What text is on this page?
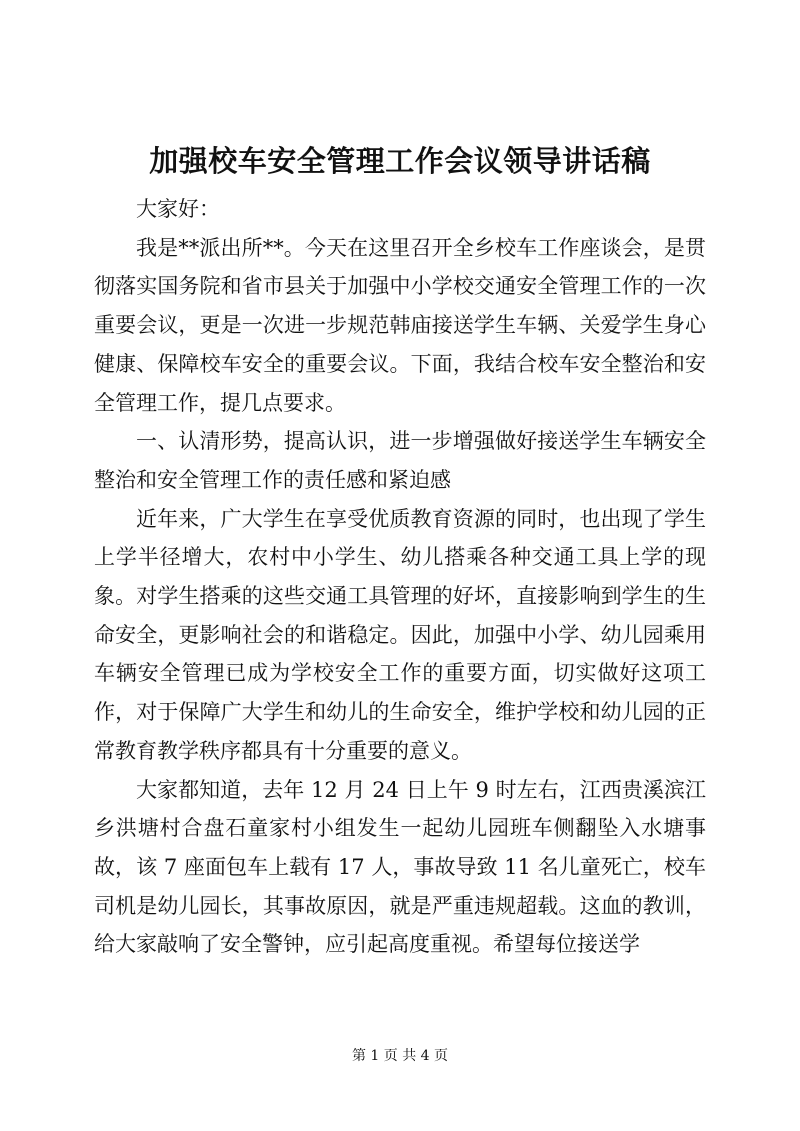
加强校车安全管理工作会议领导讲话稿

大家好：

我是**派出所**。今天在这里召开全乡校车工作座谈会，是贯彻落实国务院和省市县关于加强中小学校交通安全管理工作的一次重要会议，更是一次进一步规范韩庙接送学生车辆、关爱学生身心健康、保障校车安全的重要会议。下面，我结合校车安全整治和安全管理工作，提几点要求。

一、认清形势，提高认识，进一步增强做好接送学生车辆安全整治和安全管理工作的责任感和紧迫感

近年来，广大学生在享受优质教育资源的同时，也出现了学生上学半径增大，农村中小学生、幼儿搭乘各种交通工具上学的现象。对学生搭乘的这些交通工具管理的好坏，直接影响到学生的生命安全，更影响社会的和谐稳定。因此，加强中小学、幼儿园乘用车辆安全管理已成为学校安全工作的重要方面，切实做好这项工作，对于保障广大学生和幼儿的生命安全，维护学校和幼儿园的正常教育教学秩序都具有十分重要的意义。

大家都知道，去年 12 月 24 日上午 9 时左右，江西贵溪滨江乡洪塘村合盘石童家村小组发生一起幼儿园班车侧翻坠入水塘事故，该 7 座面包车上载有 17 人，事故导致 11 名儿童死亡，校车司机是幼儿园长，其事故原因，就是严重违规超载。这血的教训，给大家敲响了安全警钟，应引起高度重视。希望每位接送学

第 1 页 共 4 页
